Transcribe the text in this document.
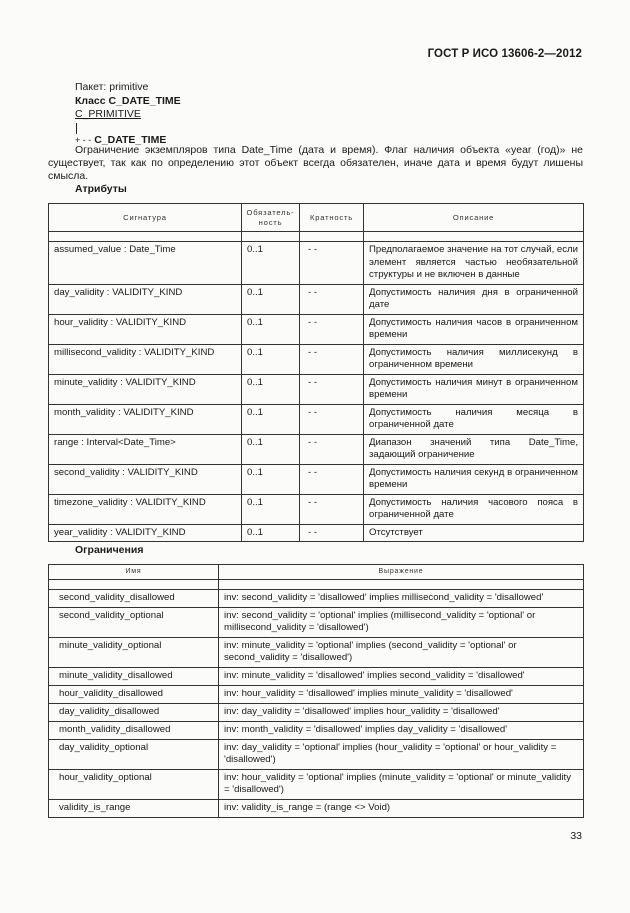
ГОСТ Р ИСО 13606-2—2012
Пакет: primitive
Класс C_DATE_TIME
C_PRIMITIVE
+ - - C_DATE_TIME
Ограничение экземпляров типа Date_Time (дата и время). Флаг наличия объекта «year (год)» не существует, так как по определению этот объект всегда обязателен, иначе дата и время будут лишены смысла.
Атрибуты
Сигнатура	Обязатель-ность	Кратность	Описание

assumed_value : Date_Time	0..1	- -	Предполагаемое значение на тот случай, если элемент является частью необязательной структуры и не включен в данные
day_validity : VALIDITY_KIND	0..1	- -	Допустимость наличия дня в ограниченной дате
hour_validity : VALIDITY_KIND	0..1	- -	Допустимость наличия часов в ограниченном времени
millisecond_validity : VALIDITY_KIND	0..1	- -	Допустимость наличия миллисекунд в ограниченном времени
minute_validity : VALIDITY_KIND	0..1	- -	Допустимость наличия минут в ограниченном времени
month_validity : VALIDITY_KIND	0..1	- -	Допустимость наличия месяца в ограниченной дате
range : Interval<Date_Time>	0..1	- -	Диапазон значений типа Date_Time, задающий ограничение
second_validity : VALIDITY_KIND	0..1	- -	Допустимость наличия секунд в ограниченном времени
timezone_validity : VALIDITY_KIND	0..1	- -	Допустимость наличия часового пояса в ограниченной дате
year_validity : VALIDITY_KIND	0..1	- -	Отсутствует
Ограничения
Имя	Выражение

second_validity_disallowed	inv: second_validity = 'disallowed' implies millisecond_validity = 'disallowed'
second_validity_optional	inv: second_validity = 'optional' implies (millisecond_validity = 'optional' or millisecond_validity = 'disallowed')
minute_validity_optional	inv: minute_validity = 'optional' implies (second_validity = 'optional' or second_validity = 'disallowed')
minute_validity_disallowed	inv: minute_validity = 'disallowed' implies second_validity = 'disallowed'
hour_validity_disallowed	inv: hour_validity = 'disallowed' implies minute_validity = 'disallowed'
day_validity_disallowed	inv: day_validity = 'disallowed' implies hour_validity = 'disallowed'
month_validity_disallowed	inv: month_validity = 'disallowed' implies day_validity = 'disallowed'
day_validity_optional	inv: day_validity = 'optional' implies (hour_validity = 'optional' or hour_validity = 'disallowed')
hour_validity_optional	inv: hour_validity = 'optional' implies (minute_validity = 'optional' or minute_validity = 'disallowed')
validity_is_range	inv: validity_is_range = (range <> Void)
33
